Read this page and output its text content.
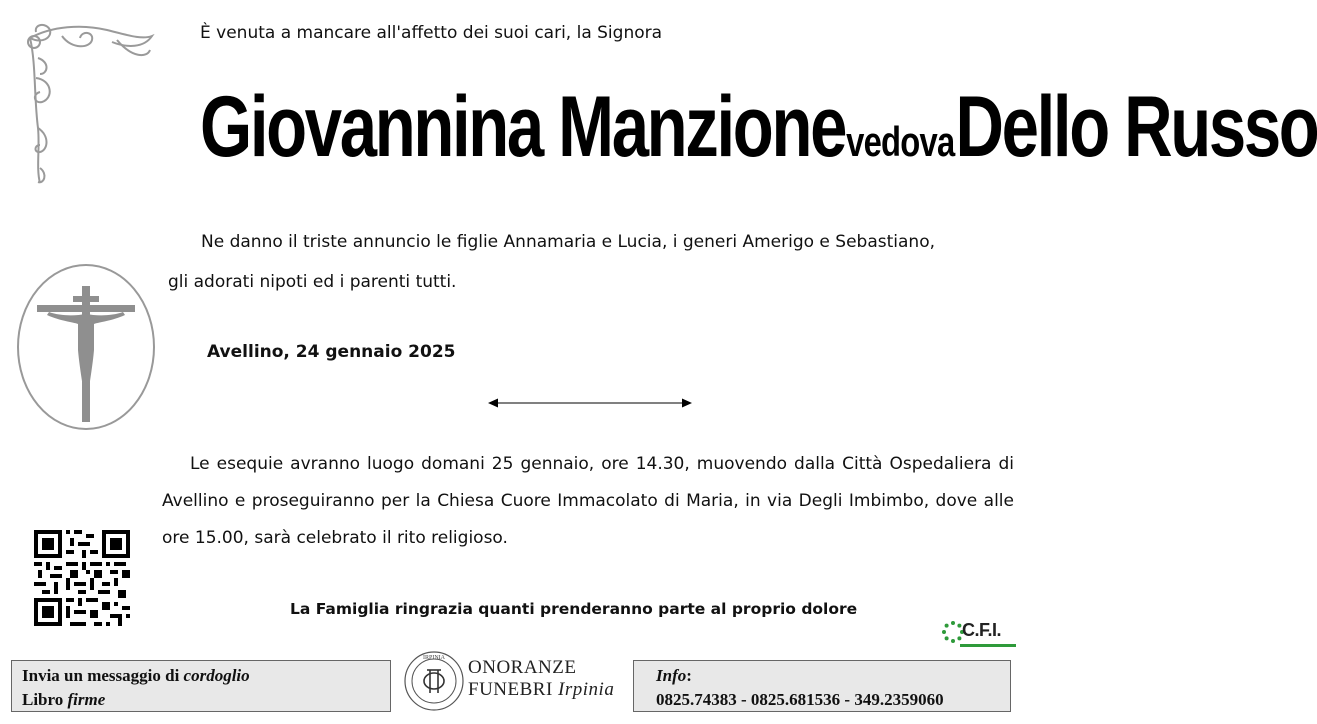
È venuta a mancare all'affetto dei suoi cari, la Signora
Giovannina Manzione vedova Dello Russo

Ne danno il triste annuncio le figlie Annamaria e Lucia, i generi Amerigo e Sebastiano,

gli adorati nipoti ed i parenti tutti.
Avellino, 24 gennaio 2025

Le esequie avranno luogo domani 25 gennaio, ore 14.30, muovendo dalla Città Ospedaliera di Avellino e proseguiranno per la Chiesa Cuore Immacolato di Maria, in via Degli Imbimbo, dove alle ore 15.00, sarà celebrato il rito religioso.

La Famiglia ringrazia quanti prenderanno parte al proprio dolore
C.F.I.
Invia un messaggio di cordoglio
Libro firme
IRPINIA ONORANZE
FUNEBRI Irpinia
Info:
0825.74383 - 0825.681536 - 349.2359060
